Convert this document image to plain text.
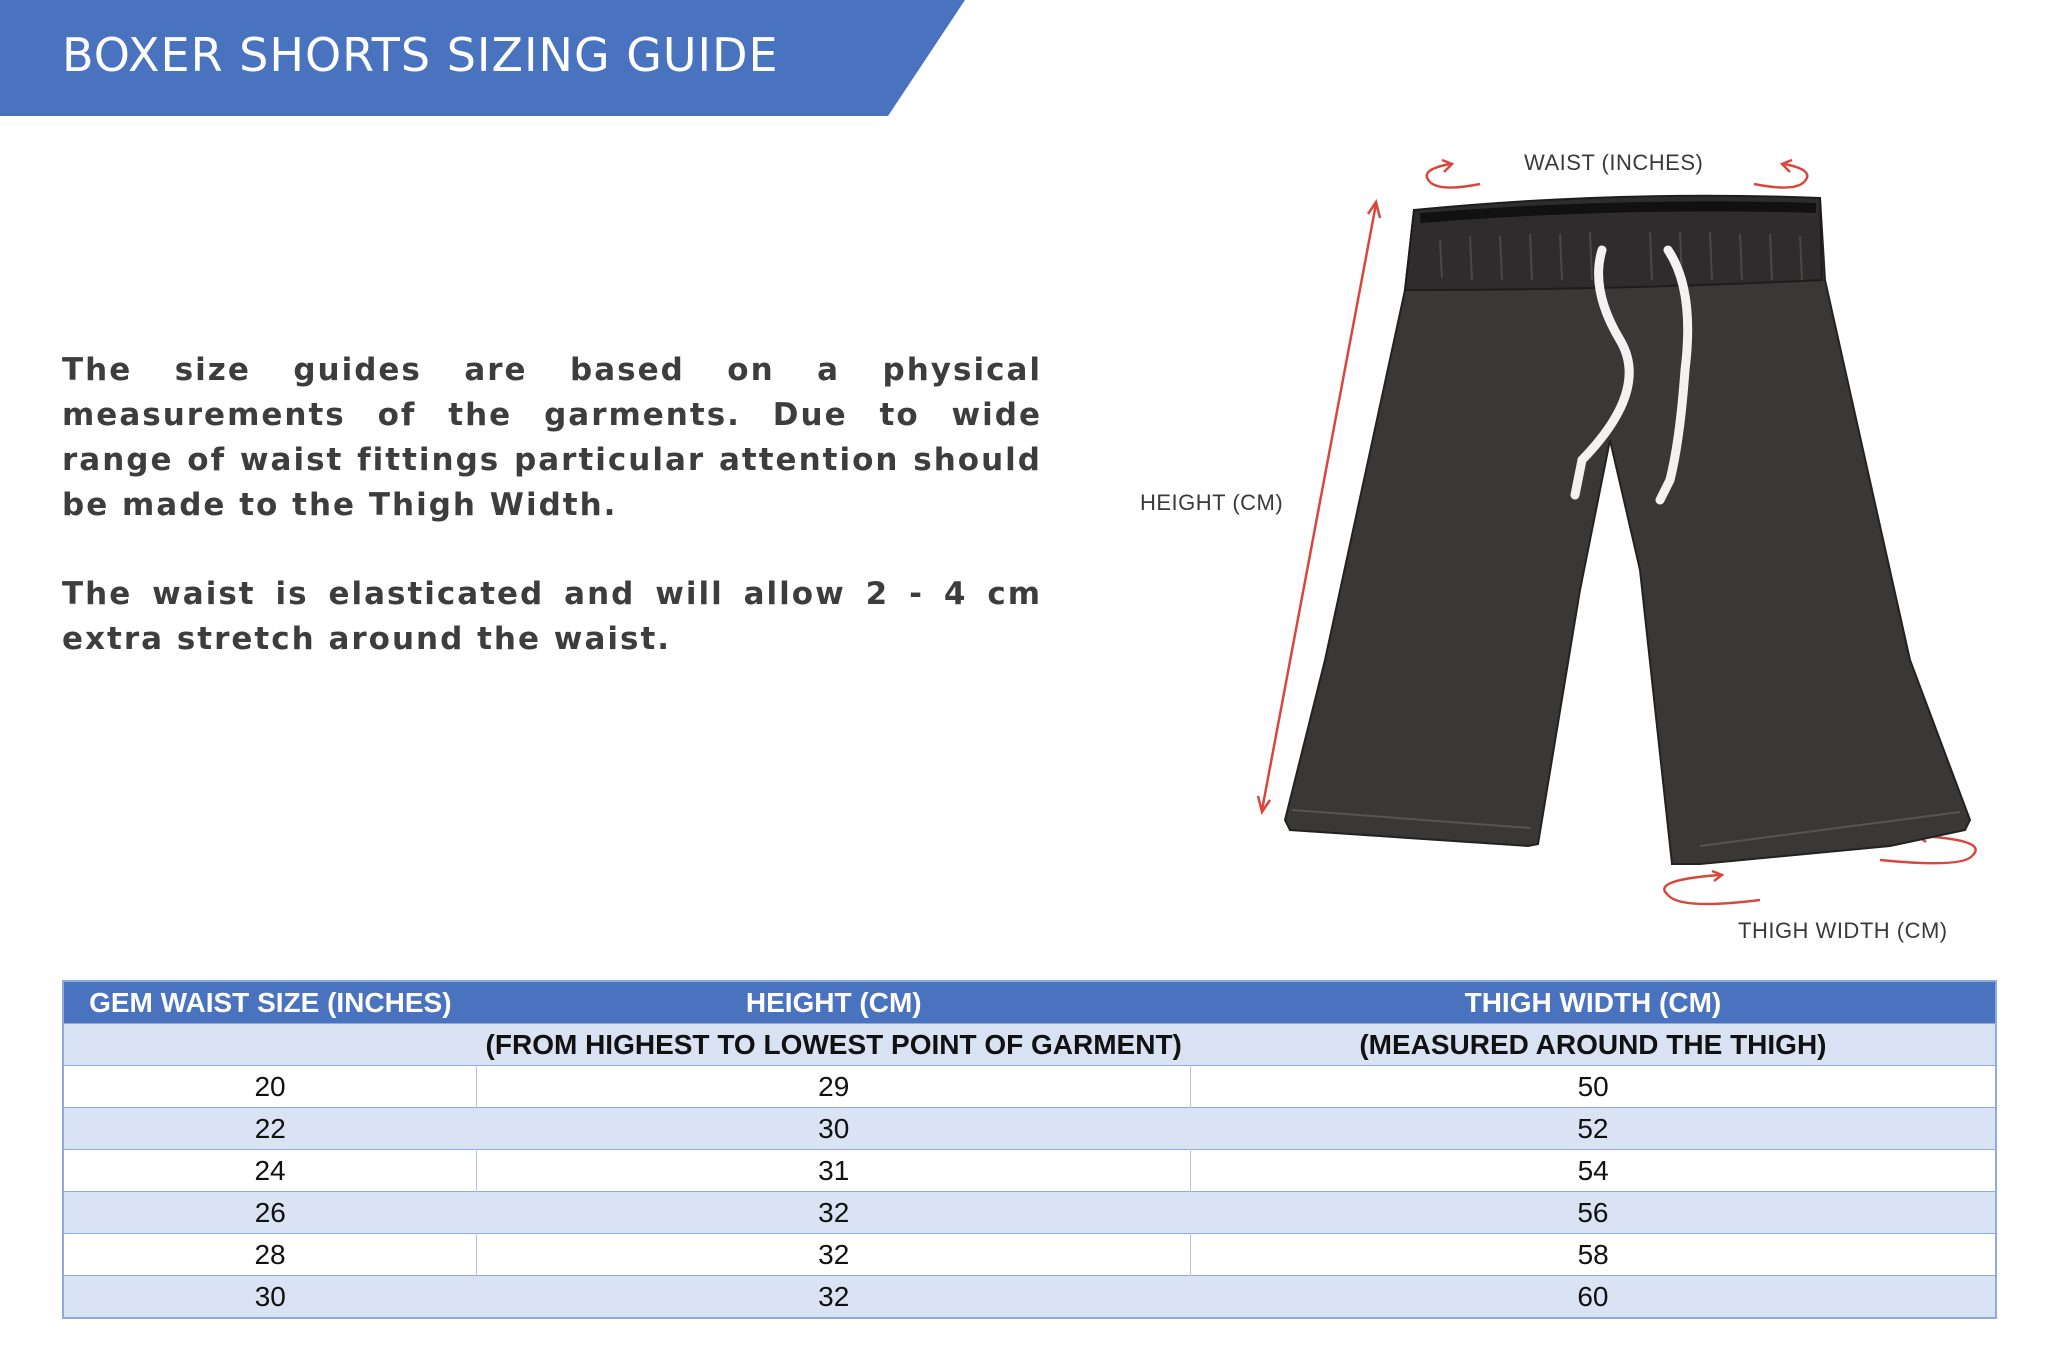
BOXER SHORTS SIZING GUIDE

The size guides are based on a physical measurements of the garments. Due to wide range of waist fittings particular attention should be made to the Thigh Width.

The waist is elasticated and will allow 2 - 4 cm extra stretch around the waist.

WAIST (INCHES)
HEIGHT (CM)
THIGH WIDTH (CM)
GEM WAIST SIZE (INCHES)	HEIGHT (CM)	THIGH WIDTH (CM)
	(FROM HIGHEST TO LOWEST POINT OF GARMENT)	(MEASURED AROUND THE THIGH)
20	29	50
22	30	52
24	31	54
26	32	56
28	32	58
30	32	60
